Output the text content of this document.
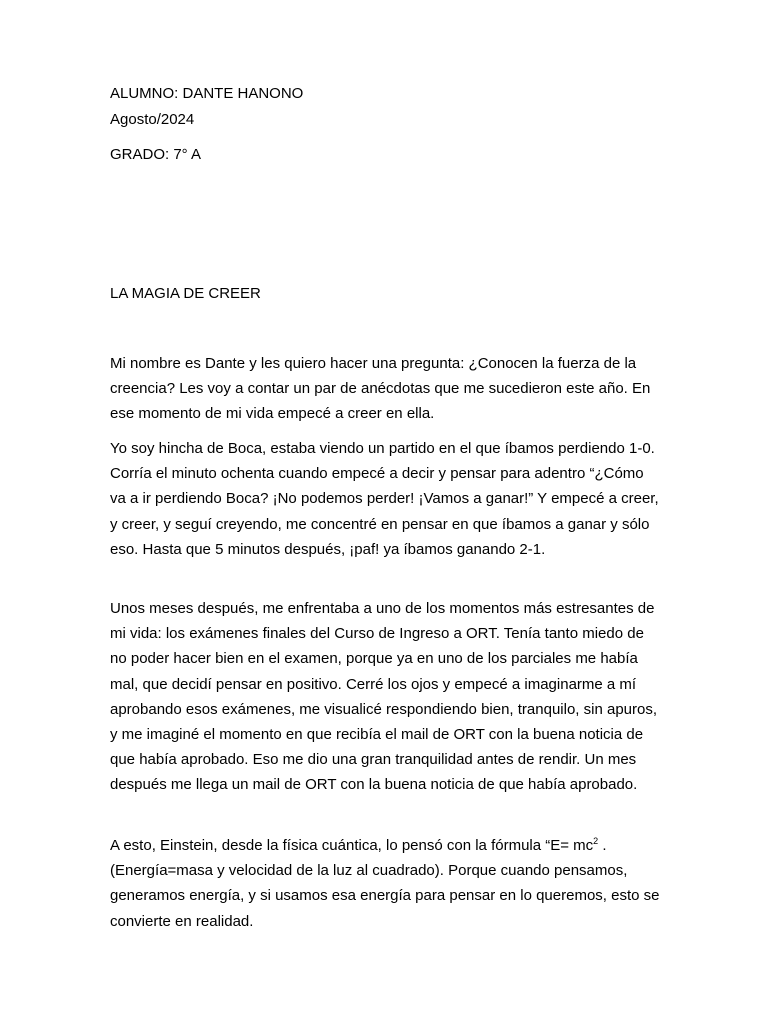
ALUMNO: DANTE HANONO
Agosto/2024
GRADO: 7° A
LA MAGIA DE CREER

Mi nombre es Dante y les quiero hacer una pregunta: ¿Conocen la fuerza de la creencia? Les voy a contar un par de anécdotas que me sucedieron este año. En ese momento de mi vida empecé a creer en ella.

Yo soy hincha de Boca, estaba viendo un partido en el que íbamos perdiendo 1-0. Corría el minuto ochenta cuando empecé a decir y pensar para adentro “¿Cómo va a ir perdiendo Boca? ¡No podemos perder! ¡Vamos a ganar!” Y empecé a creer, y creer, y seguí creyendo, me concentré en pensar en que íbamos a ganar y sólo eso. Hasta que 5 minutos después, ¡paf! ya íbamos ganando 2-1.

Unos meses después, me enfrentaba a uno de los momentos más estresantes de mi vida: los exámenes finales del Curso de Ingreso a ORT. Tenía tanto miedo de no poder hacer bien en el examen, porque ya en uno de los parciales me había mal, que decidí pensar en positivo. Cerré los ojos y empecé a imaginarme a mí aprobando esos exámenes, me visualicé respondiendo bien, tranquilo, sin apuros, y me imaginé el momento en que recibía el mail de ORT con la buena noticia de que había aprobado. Eso me dio una gran tranquilidad antes de rendir. Un mes después me llega un mail de ORT con la buena noticia de que había aprobado.

A esto, Einstein, desde la física cuántica, lo pensó con la fórmula “$E= mc^2$ .(Energía=masa y velocidad de la luz al cuadrado). Porque cuando pensamos, generamos energía, y si usamos esa energía para pensar en lo queremos, esto se convierte en realidad.
